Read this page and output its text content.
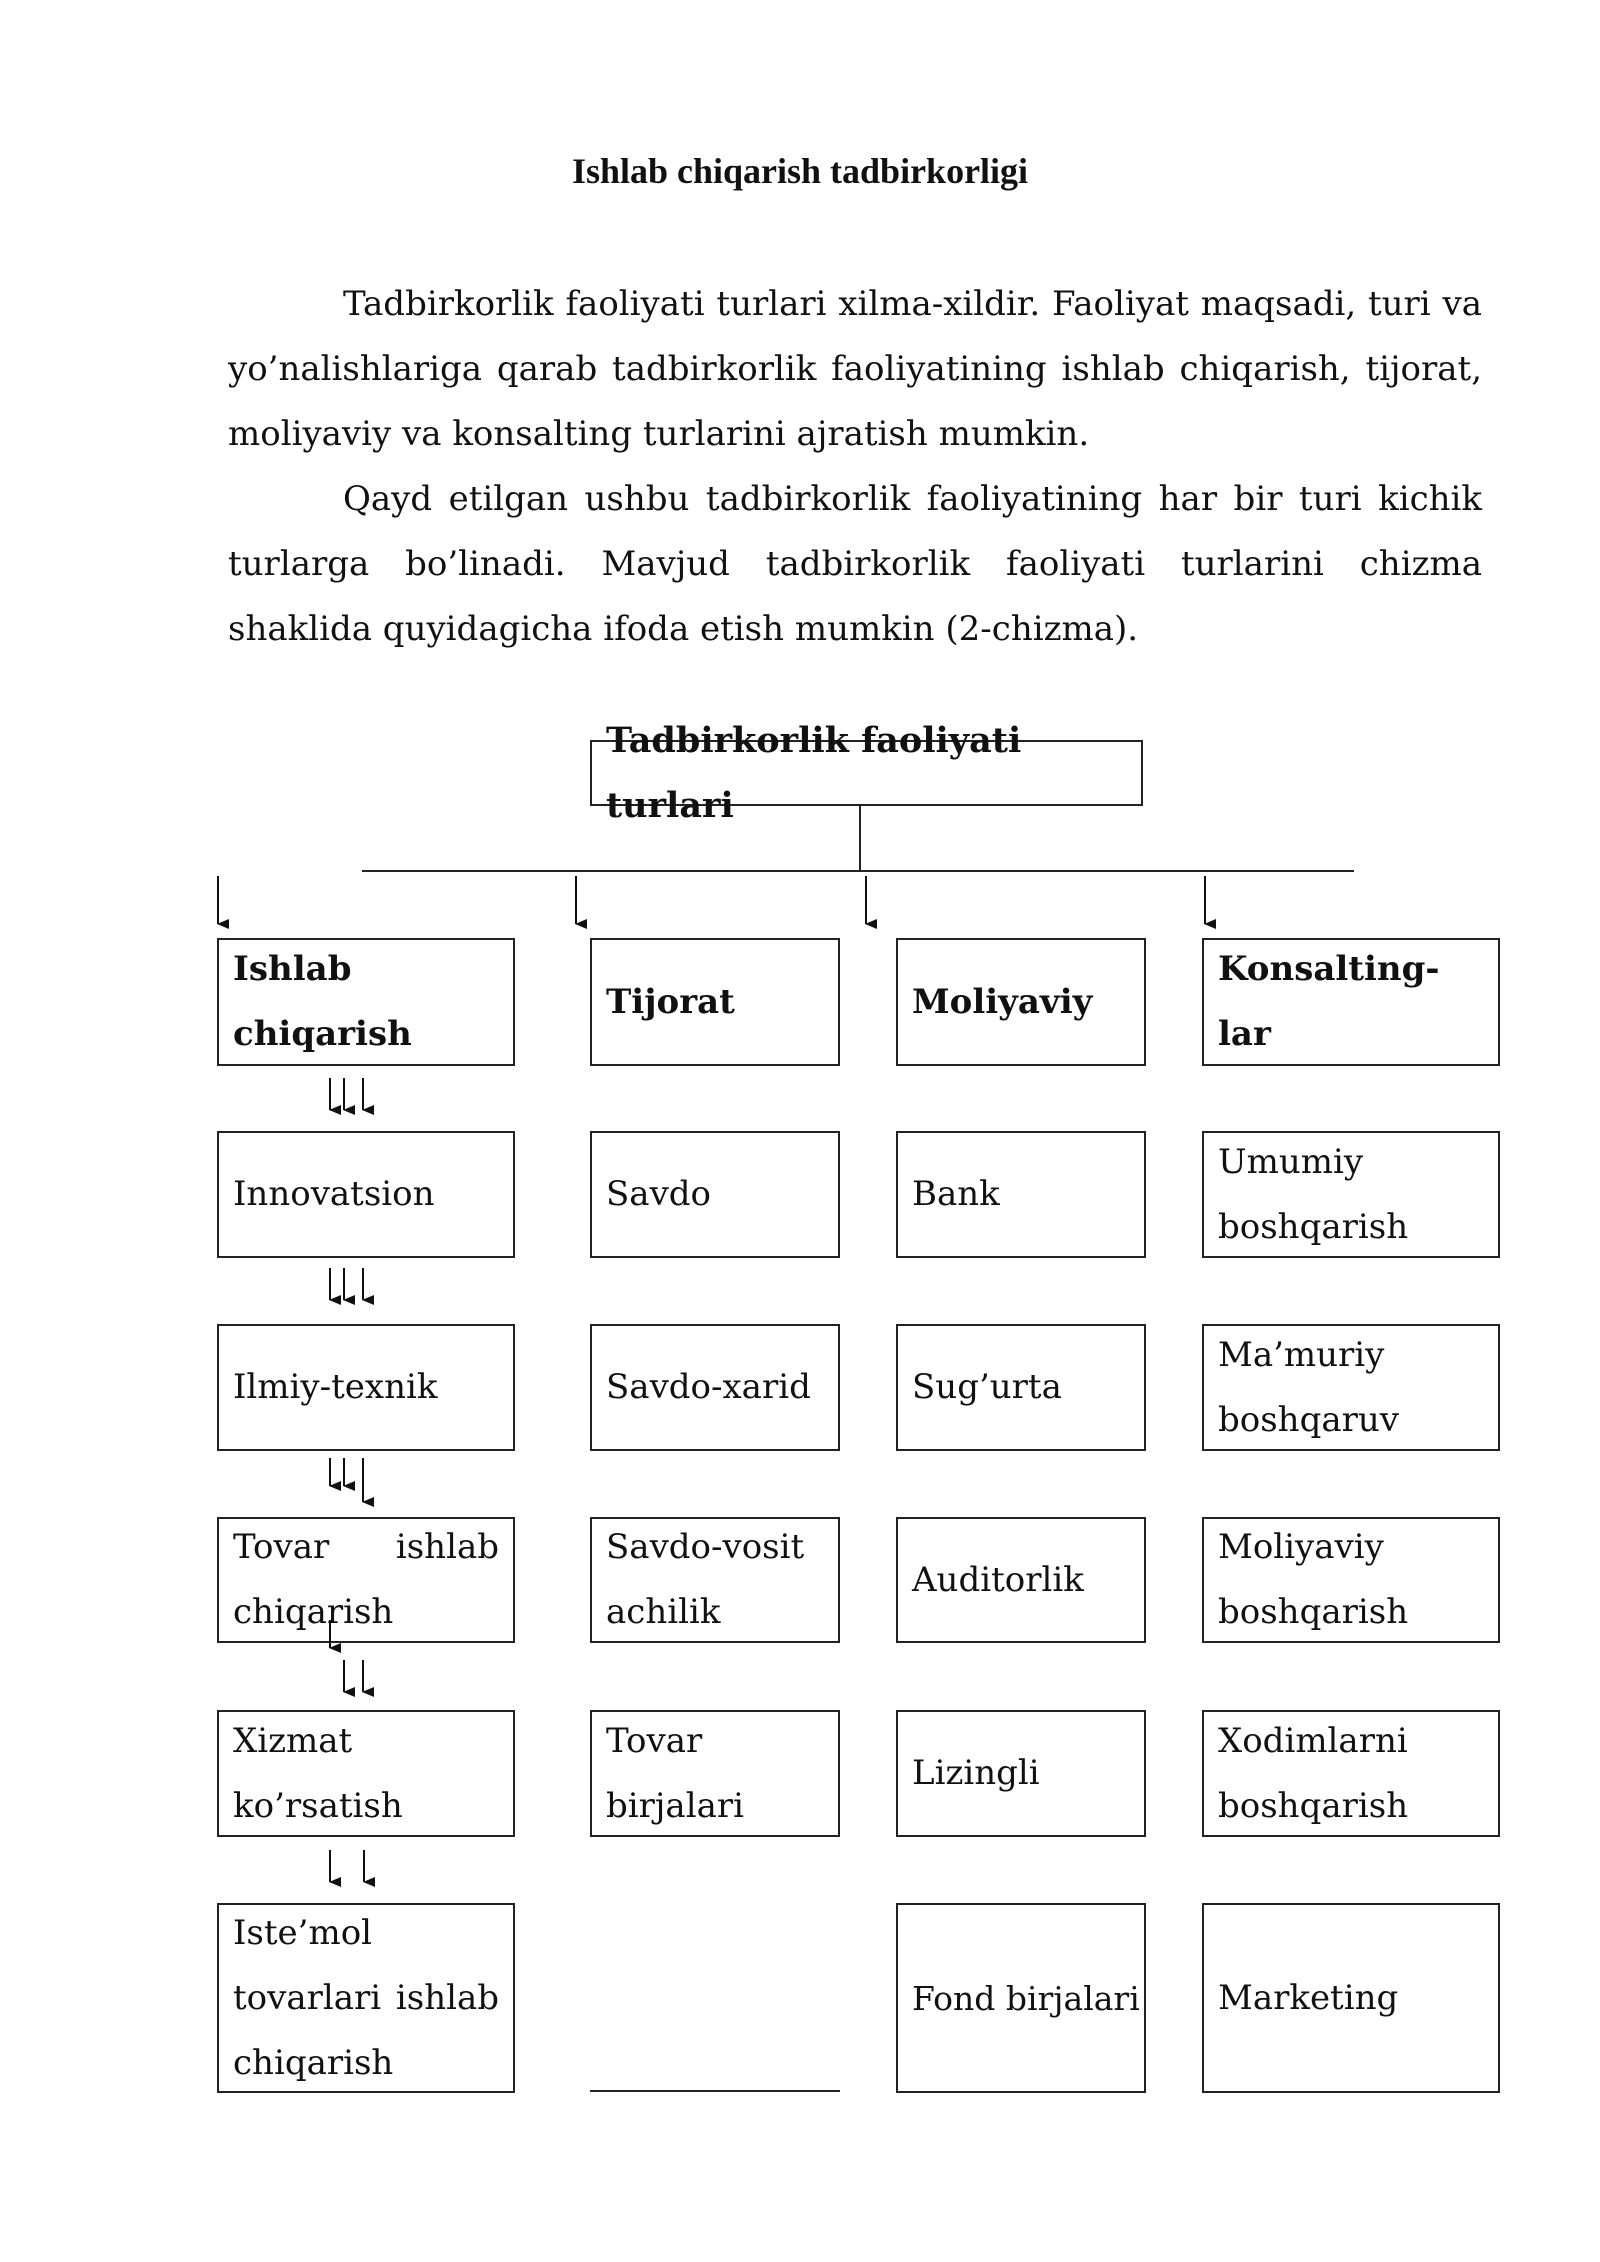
Ishlab chiqarish tadbirkorligi

Tadbirkorlik faoliyati turlari xilma-xildir. Faoliyat maqsadi, turi va yo’nalishlariga qarab tadbirkorlik faoliyatining ishlab chiqarish, tijorat, moliyaviy va konsalting turlarini ajratish mumkin.

Qayd etilgan ushbu tadbirkorlik faoliyatining har bir turi kichik turlarga bo’linadi. Mavjud tadbirkorlik faoliyati turlarini chizma shaklida quyidagicha ifoda etish mumkin (2-chizma).

Tadbirkorlik faoliyati turlari
Ishlab chiqarish
Innovatsion
Ilmiy-texnik
Tovar ishlab chiqarish
Xizmat ko’rsatish
Iste’mol tovarlari ishlab chiqarish
Tijorat
Savdo
Savdo-xarid
Savdo-vositachilik
Tovar birjalari
Moliyaviy
Bank
Sug’urta
Auditorlik
Lizingli
Fond birjalari
Konsalting-lar
Umumiy boshqarish
Ma’muriy boshqaruv
Moliyaviy boshqarish
Xodimlarni boshqarish
Marketing
